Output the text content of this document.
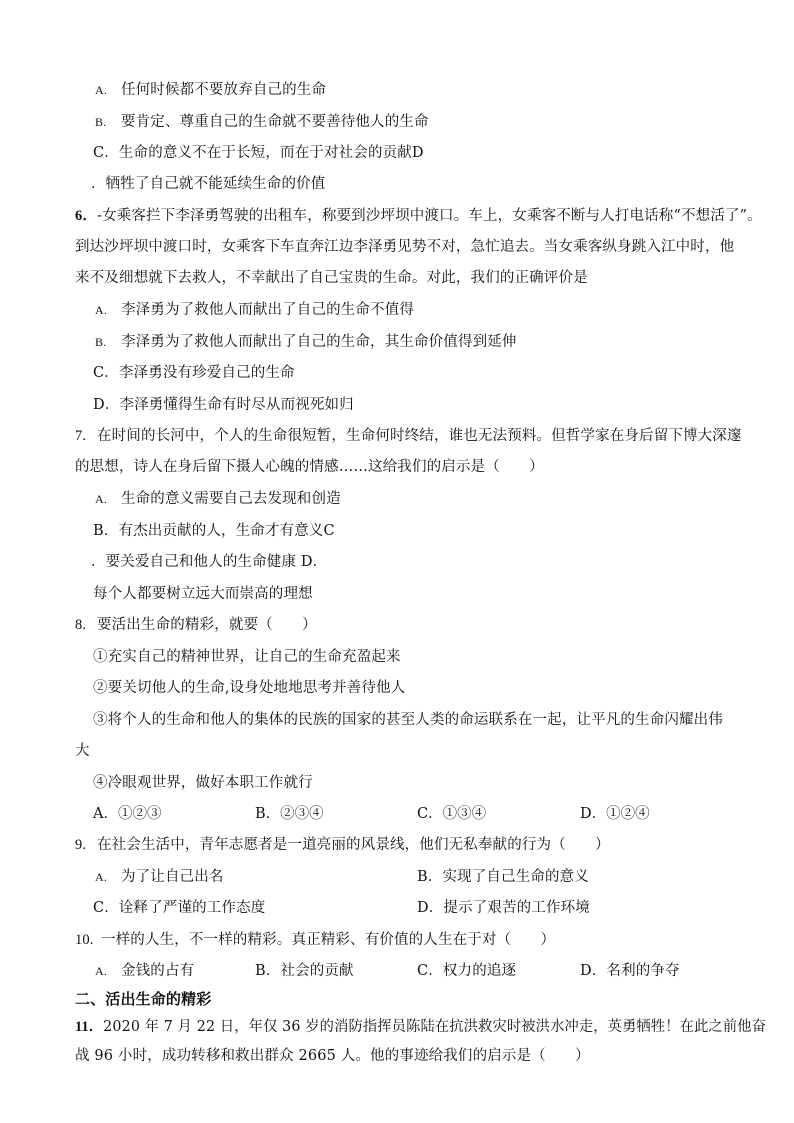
A. 任何时候都不要放弃自己的生命
B. 要肯定、尊重自己的生命就不要善待他人的生命
C．生命的意义不在于长短，而在于对社会的贡献D
．牺牲了自己就不能延续生命的价值
6．-女乘客拦下李泽勇驾驶的出租车，称要到沙坪坝中渡口。车上，女乘客不断与人打电话称“不想活了”。
到达沙坪坝中渡口时，女乘客下车直奔江边李泽勇见势不对，急忙追去。当女乘客纵身跳入江中时，他
来不及细想就下去救人，不幸献出了自己宝贵的生命。对此，我们的正确评价是
A. 李泽勇为了救他人而献出了自己的生命不值得
B. 李泽勇为了救他人而献出了自己的生命，其生命价值得到延伸
C．李泽勇没有珍爱自己的生命
D．李泽勇懂得生命有时尽从而视死如归
7. 在时间的长河中，个人的生命很短暂，生命何时终结，谁也无法预料。但哲学家在身后留下博大深邃
的思想，诗人在身后留下摄人心魄的情感……这给我们的启示是（　　）
A. 生命的意义需要自己去发现和创造
B．有杰出贡献的人，生命才有意义C
．要关爱自己和他人的生命健康 D．
每个人都要树立远大而崇高的理想
8. 要活出生命的精彩，就要（　　）
①充实自己的精神世界，让自己的生命充盈起来
②要关切他人的生命,设身处地地思考并善待他人
③将个人的生命和他人的集体的民族的国家的甚至人类的命运联系在一起，让平凡的生命闪耀出伟
大
④冷眼观世界，做好本职工作就行
A．①②③	B．②③④	C．①③④	D．①②④
9. 在社会生活中，青年志愿者是一道亮丽的风景线，他们无私奉献的行为（　　）
A. 为了让自己出名	B．实现了自己生命的意义
C．诠释了严谨的工作态度	D．提示了艰苦的工作环境
10. 一样的人生，不一样的精彩。真正精彩、有价值的人生在于对（　　）
A. 金钱的占有	B．社会的贡献	C．权力的追逐	D．名利的争夺
二、活出生命的精彩
11．2020 年 7 月 22 日，年仅 36 岁的消防指挥员陈陆在抗洪救灾时被洪水冲走，英勇牺牲！在此之前他奋
战 96 小时，成功转移和救出群众 2665 人。他的事迹给我们的启示是（　　）
